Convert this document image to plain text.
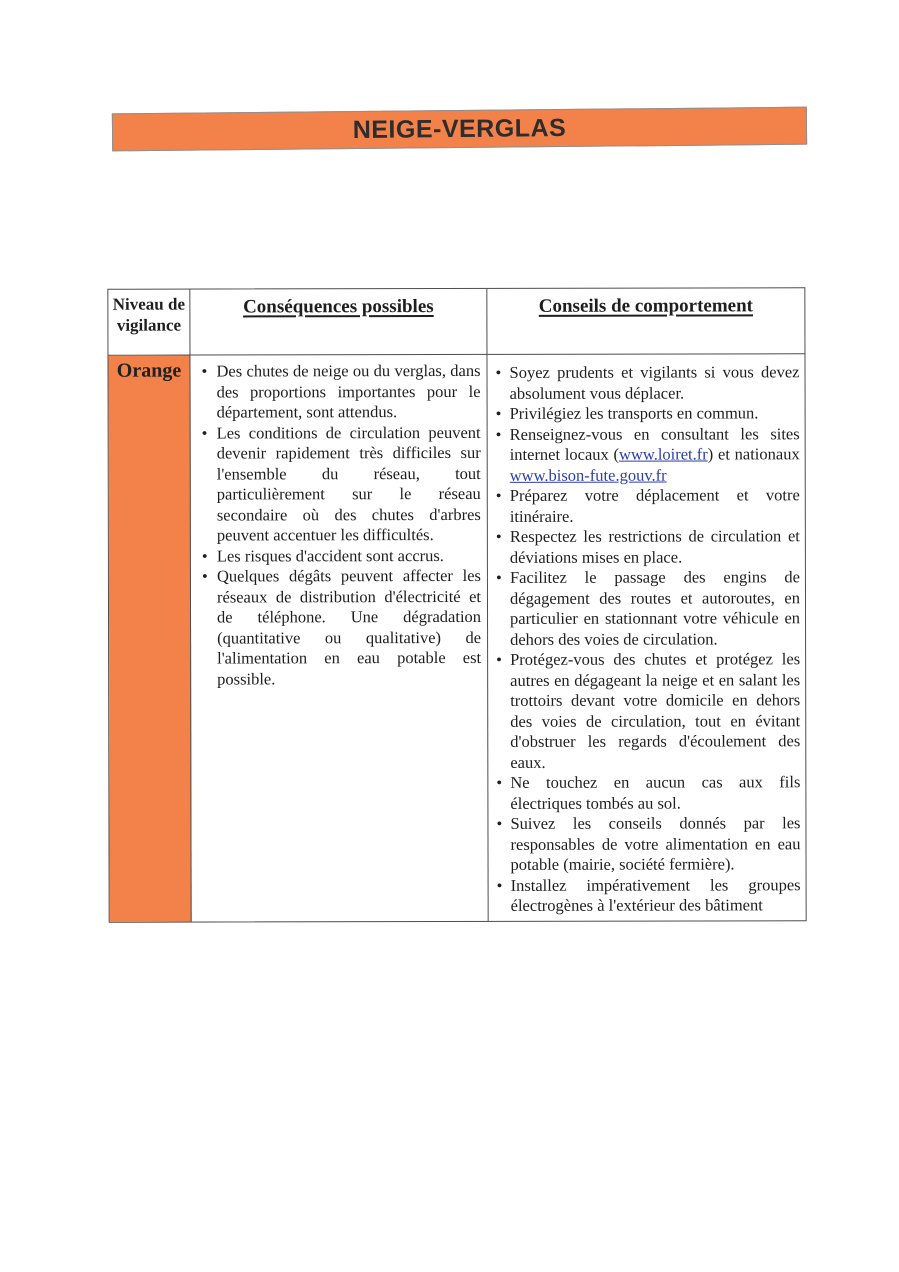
NEIGE-VERGLAS
Niveau de vigilance
Conséquences possibles	Conseils de comportement
Orange	• Des chutes de neige ou du verglas, dans des proportions importantes pour le département, sont attendus.
• Les conditions de circulation peuvent devenir rapidement très difficiles sur l'ensemble du réseau, tout particulièrement sur le réseau secondaire où des chutes d'arbres peuvent accentuer les difficultés.
• Les risques d'accident sont accrus.
• Quelques dégâts peuvent affecter les réseaux de distribution d'électricité et de téléphone. Une dégradation (quantitative ou qualitative) de l'alimentation en eau potable est possible.
• Soyez prudents et vigilants si vous devez absolument vous déplacer.
• Privilégiez les transports en commun.
• Renseignez-vous en consultant les sites internet locaux (www.loiret.fr) et nationaux www.bison-fute.gouv.fr
• Préparez votre déplacement et votre itinéraire.
• Respectez les restrictions de circulation et déviations mises en place.
• Facilitez le passage des engins de dégagement des routes et autoroutes, en particulier en stationnant votre véhicule en dehors des voies de circulation.
• Protégez-vous des chutes et protégez les autres en dégageant la neige et en salant les trottoirs devant votre domicile en dehors des voies de circulation, tout en évitant d'obstruer les regards d'écoulement des eaux.
• Ne touchez en aucun cas aux fils électriques tombés au sol.
• Suivez les conseils donnés par les responsables de votre alimentation en eau potable (mairie, société fermière).
• Installez impérativement les groupes électrogènes à l'extérieur des bâtiment
